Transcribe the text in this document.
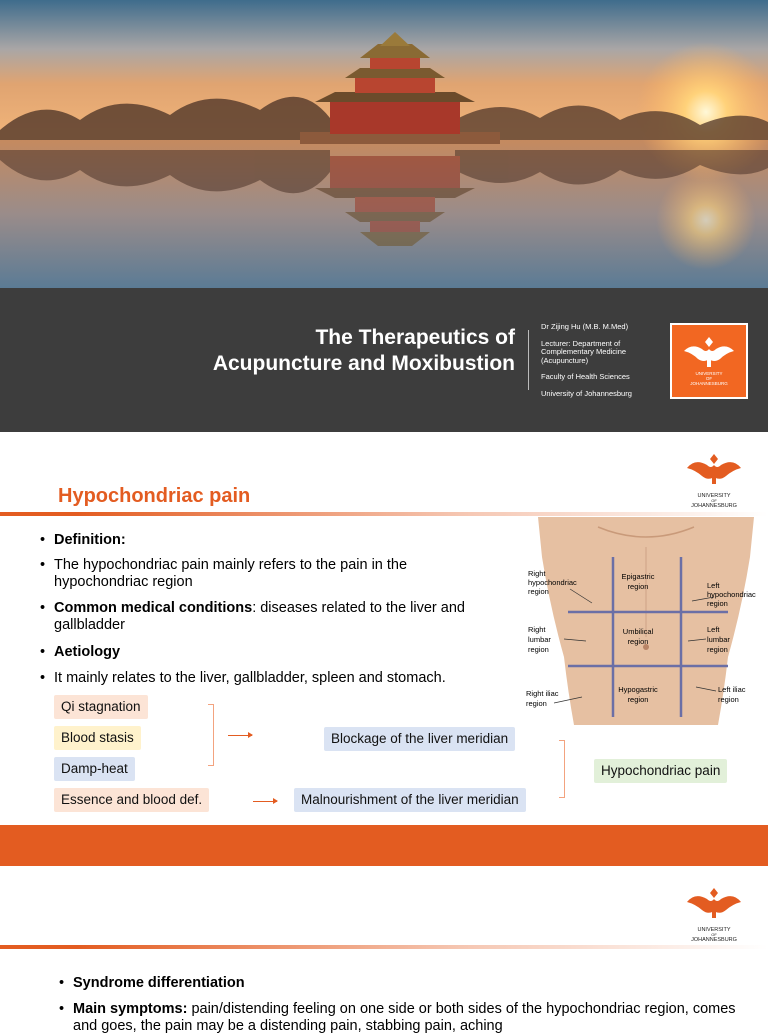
The Therapeutics of
Acupuncture and Moxibustion
Dr Zijing Hu (M.B. M.Med)
Lecturer: Department of Complementary Medicine (Acupuncture)
Faculty of Health Sciences
University of Johannesburg
UNIVERSITY
OF
JOHANNESBURG
Hypochondriac pain	UNIVERSITY
OF
JOHANNESBURG
• Definition:
• The hypochondriac pain mainly refers to the pain in the hypochondriac region
• Common medical conditions: diseases related to the liver and gallbladder
• Aetiology
• It mainly relates to the liver, gallbladder, spleen and stomach.
Right hypochondriac region
Epigastric region	Left hypochondriac region
Right lumbar region
Umbilical region
Left lumbar region
Right iliac region
Hypogastric region
Left iliac region
Qi stagnation
Blood stasis
Damp-heat
Essence and blood def.
Blockage of the liver meridian
Malnourishment of the liver meridian
Hypochondriac pain
UNIVERSITY
OF
JOHANNESBURG
• Syndrome differentiation
• Main symptoms: pain/distending feeling on one side or both sides of the hypochondriac region, comes and goes, the pain may be a distending pain, stabbing pain, aching
